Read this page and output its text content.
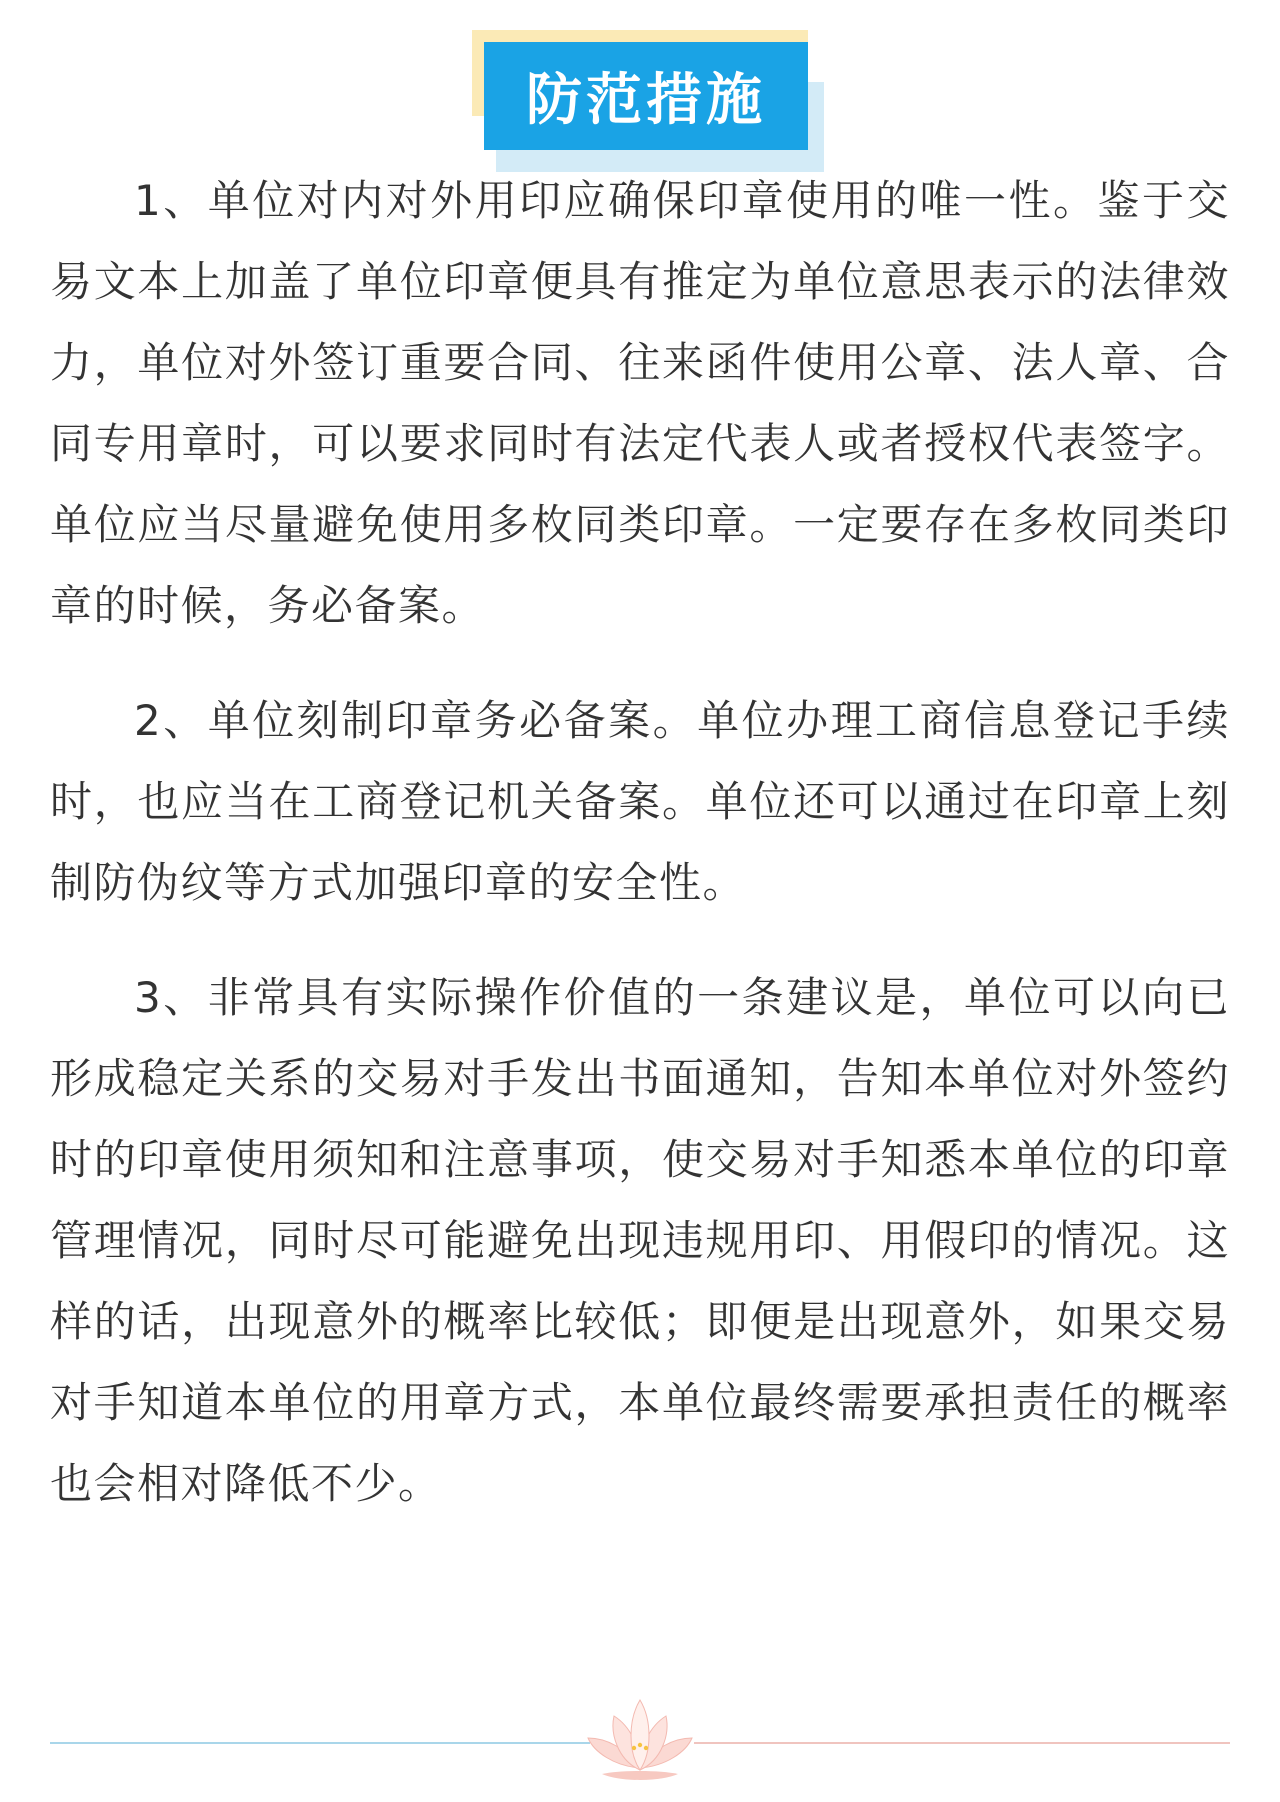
防范措施

1、单位对内对外用印应确保印章使用的唯一性。鉴于交易文本上加盖了单位印章便具有推定为单位意思表示的法律效力，单位对外签订重要合同、往来函件使用公章、法人章、合同专用章时，可以要求同时有法定代表人或者授权代表签字。单位应当尽量避免使用多枚同类印章。一定要存在多枚同类印章的时候，务必备案。

2、单位刻制印章务必备案。单位办理工商信息登记手续时，也应当在工商登记机关备案。单位还可以通过在印章上刻制防伪纹等方式加强印章的安全性。

3、非常具有实际操作价值的一条建议是，单位可以向已形成稳定关系的交易对手发出书面通知，告知本单位对外签约时的印章使用须知和注意事项，使交易对手知悉本单位的印章管理情况，同时尽可能避免出现违规用印、用假印的情况。这样的话，出现意外的概率比较低；即便是出现意外，如果交易对手知道本单位的用章方式，本单位最终需要承担责任的概率也会相对降低不少。
